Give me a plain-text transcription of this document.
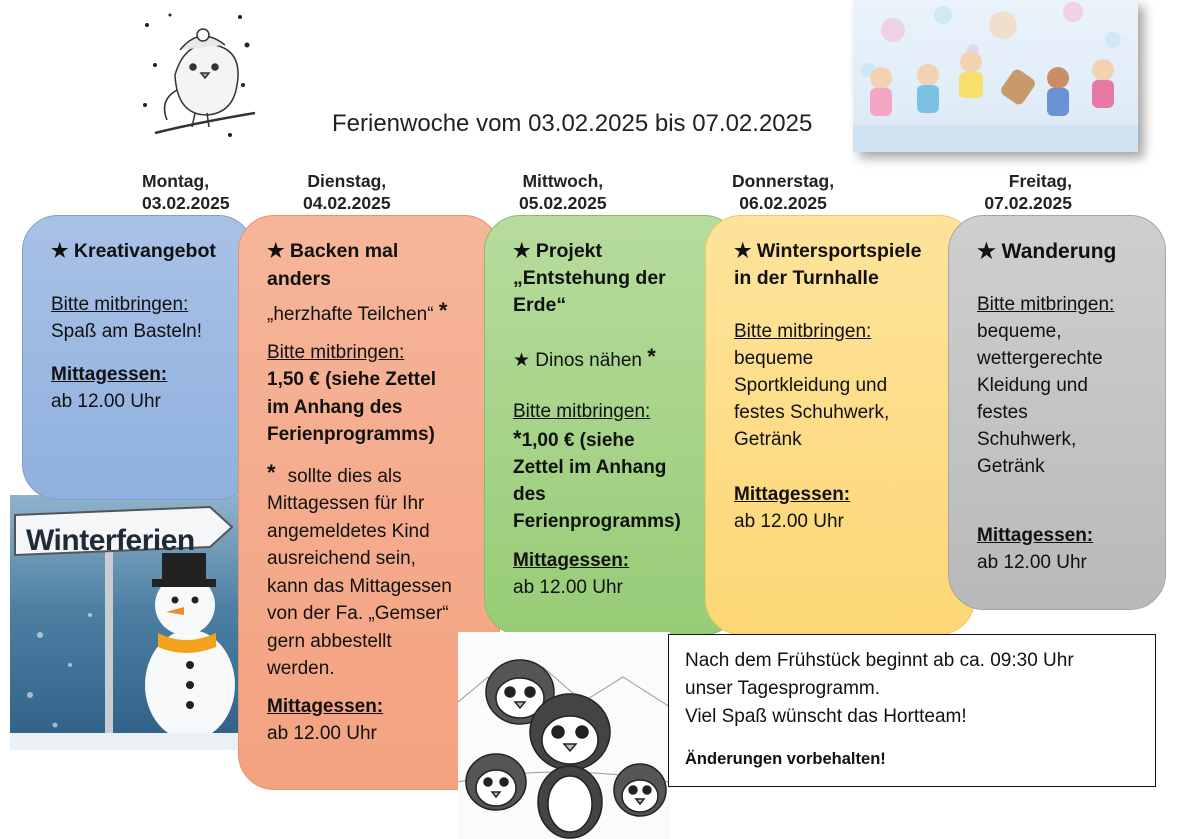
Ferienwoche vom 03.02.2025 bis 07.02.2025
Montag,
03.02.2025
Dienstag,
04.02.2025
Mittwoch,
05.02.2025
Donnerstag,
06.02.2025
Freitag,
07.02.2025
Winterferien
★ Kreativangebot
Bitte mitbringen:
Spaß am Basteln!
Mittagessen:
ab 12.00 Uhr
★ Backen mal
anders
„herzhafte Teilchen“ *
Bitte mitbringen:
1,50 € (siehe Zettel
im Anhang des
Ferienprogramms)
* sollte dies als
Mittagessen für Ihr
angemeldetes Kind
ausreichend sein,
kann das Mittagessen
von der Fa. „Gemser“
gern abbestellt
werden.
Mittagessen:
ab 12.00 Uhr
★ Projekt
„Entstehung der
Erde“
★ Dinos nähen *
Bitte mitbringen:
*1,00 € (siehe
Zettel im Anhang
des
Ferienprogramms)
Mittagessen:
ab 12.00 Uhr
★ Wintersportspiele
in der Turnhalle
Bitte mitbringen:
bequeme
Sportkleidung und
festes Schuhwerk,
Getränk
Mittagessen:
ab 12.00 Uhr
★ Wanderung
Bitte mitbringen:
bequeme,
wettergerechte
Kleidung und
festes
Schuhwerk,
Getränk
Mittagessen:
ab 12.00 Uhr
Nach dem Frühstück beginnt ab ca. 09:30 Uhr
unser Tagesprogramm.
Viel Spaß wünscht das Hortteam!
Änderungen vorbehalten!
